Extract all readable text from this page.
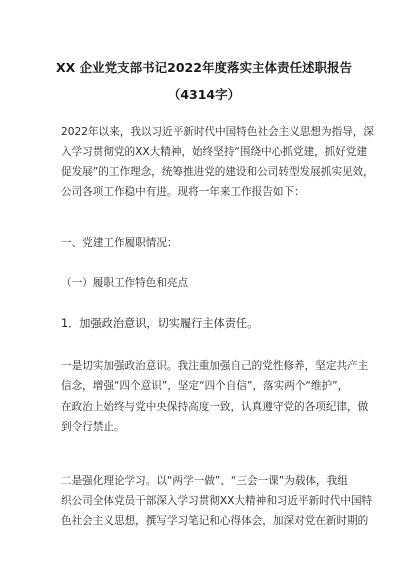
XX 企业党支部书记2022年度落实主体责任述职报告
（4314字）
2022年以来，我以习近平新时代中国特色社会主义思想为指导，深
入学习贯彻党的XX大精神，始终坚持“围绕中心抓党建，抓好党建
促发展”的工作理念，统筹推进党的建设和公司转型发展抓实见效，
公司各项工作稳中有进。现将一年来工作报告如下：
一、党建工作履职情况：
（一）履职工作特色和亮点
1．加强政治意识，切实履行主体责任。
一是切实加强政治意识。我注重加强自己的党性修养，坚定共产主
信念，增强“四个意识”，坚定“四个自信”，落实两个“维护”，
在政治上始终与党中央保持高度一致，认真遵守党的各项纪律，做
到令行禁止。
二是强化理论学习。以“两学一做”、“三会一课”为载体，我组
织公司全体党员干部深入学习贯彻XX大精神和习近平新时代中国特
色社会主义思想，撰写学习笔记和心得体会，加深对党在新时期的
